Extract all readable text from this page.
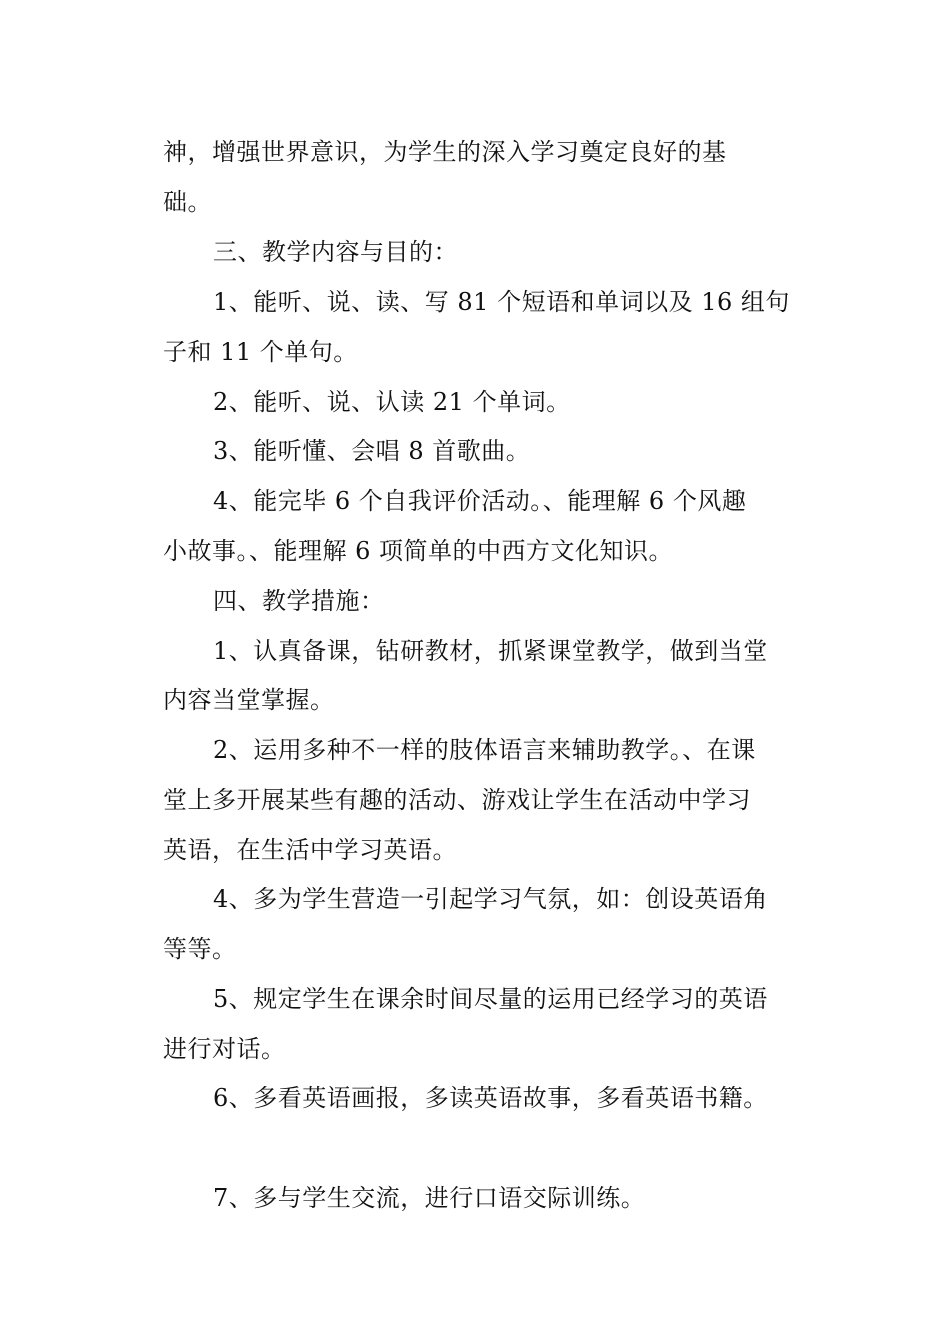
神，增强世界意识，为学生的深入学习奠定良好的基
础。
三、教学内容与目的：
1、能听、说、读、写 81 个短语和单词以及 16 组句
子和 11 个单句。
2、能听、说、认读 21 个单词。
3、能听懂、会唱 8 首歌曲。
4、能完毕 6 个自我评价活动。、能理解 6 个风趣
小故事。、能理解 6 项简单的中西方文化知识。
四、教学措施：
1、认真备课，钻研教材，抓紧课堂教学，做到当堂
内容当堂掌握。
2、运用多种不一样的肢体语言来辅助教学。、在课
堂上多开展某些有趣的活动、游戏让学生在活动中学习
英语，在生活中学习英语。
4、多为学生营造一引起学习气氛，如：创设英语角
等等。
5、规定学生在课余时间尽量的运用已经学习的英语
进行对话。
6、多看英语画报，多读英语故事，多看英语书籍。
7、多与学生交流，进行口语交际训练。
